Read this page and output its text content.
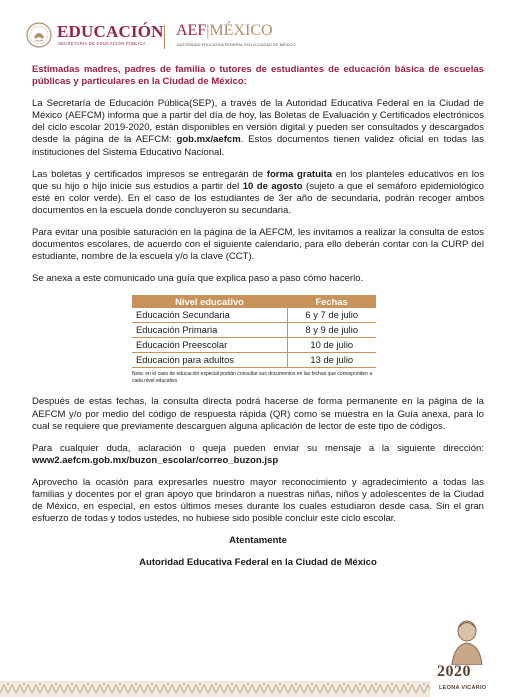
EDUCACIÓN
SECRETARÍA DE EDUCACIÓN PÚBLICA
AEF|MÉXICO
AUTORIDAD EDUCATIVA FEDERAL EN LA CIUDAD DE MÉXICO

Estimadas madres, padres de familia o tutores de estudiantes de educación básica de escuelas públicas y particulares en la Ciudad de México:

La Secretaría de Educación Pública(SEP), a través de la Autoridad Educativa Federal en la Ciudad de México (AEFCM) informa que a partir del día de hoy, las Boletas de Evaluación y Certificados electrónicos del ciclo escolar 2019-2020, están disponibles en versión digital y pueden ser consultados y descargados desde la página de la AEFCM: gob.mx/aefcm. Estos documentos tienen validez oficial en todas las instituciones del Sistema Educativo Nacional.

Las boletas y certificados impresos se entregarán de forma gratuita en los planteles educativos en los que su hijo o hijo inicie sus estudios a partir del 10 de agosto (sujeto a que el semáforo epidemiológico esté en color verde). En el caso de los estudiantes de 3er año de secundaria, podrán recoger ambos documentos en la escuela donde concluyeron su secundaria.

Para evitar una posible saturación en la página de la AEFCM, les invitamos a realizar la consulta de estos documentos escolares, de acuerdo con el siguiente calendario, para ello deberán contar con la CURP del estudiante, nombre de la escuela y/o la clave (CCT).

Se anexa a este comunicado una guía que explica paso a paso cómo hacerlo.

Nivel educativo	Fechas
Educación Secundaria	6 y 7 de julio
Educación Primaria	8 y 9 de julio
Educación Preescolar	10 de julio
Educación para adultos	13 de julio
Nota: en el caso de educación especial podrán consultar sus documentos en las fechas que corresponden a cada nivel educativo

Después de estas fechas, la consulta directa podrá hacerse de forma permanente en la página de la AEFCM y/o por medio del código de respuesta rápida (QR) como se muestra en la Guía anexa, para lo cual se requiere que previamente descarguen alguna aplicación de lector de este tipo de códigos.

Para cualquier duda, aclaración o queja pueden enviar su mensaje a la siguiente dirección: www2.aefcm.gob.mx/buzon_escolar/correo_buzon.jsp

Aprovecho la ocasión para expresarles nuestro mayor reconocimiento y agradecimiento a todas las familias y docentes por el gran apoyo que brindaron a nuestras niñas, niños y adolescentes de la Ciudad de México, en especial, en estos últimos meses durante los cuales estudiaron desde casa. Sin el gran esfuerzo de todas y todos ustedes, no hubiese sido posible concluir este ciclo escolar.

Atentamente
Autoridad Educativa Federal en la Ciudad de México
2020
LEONA VICARIO
